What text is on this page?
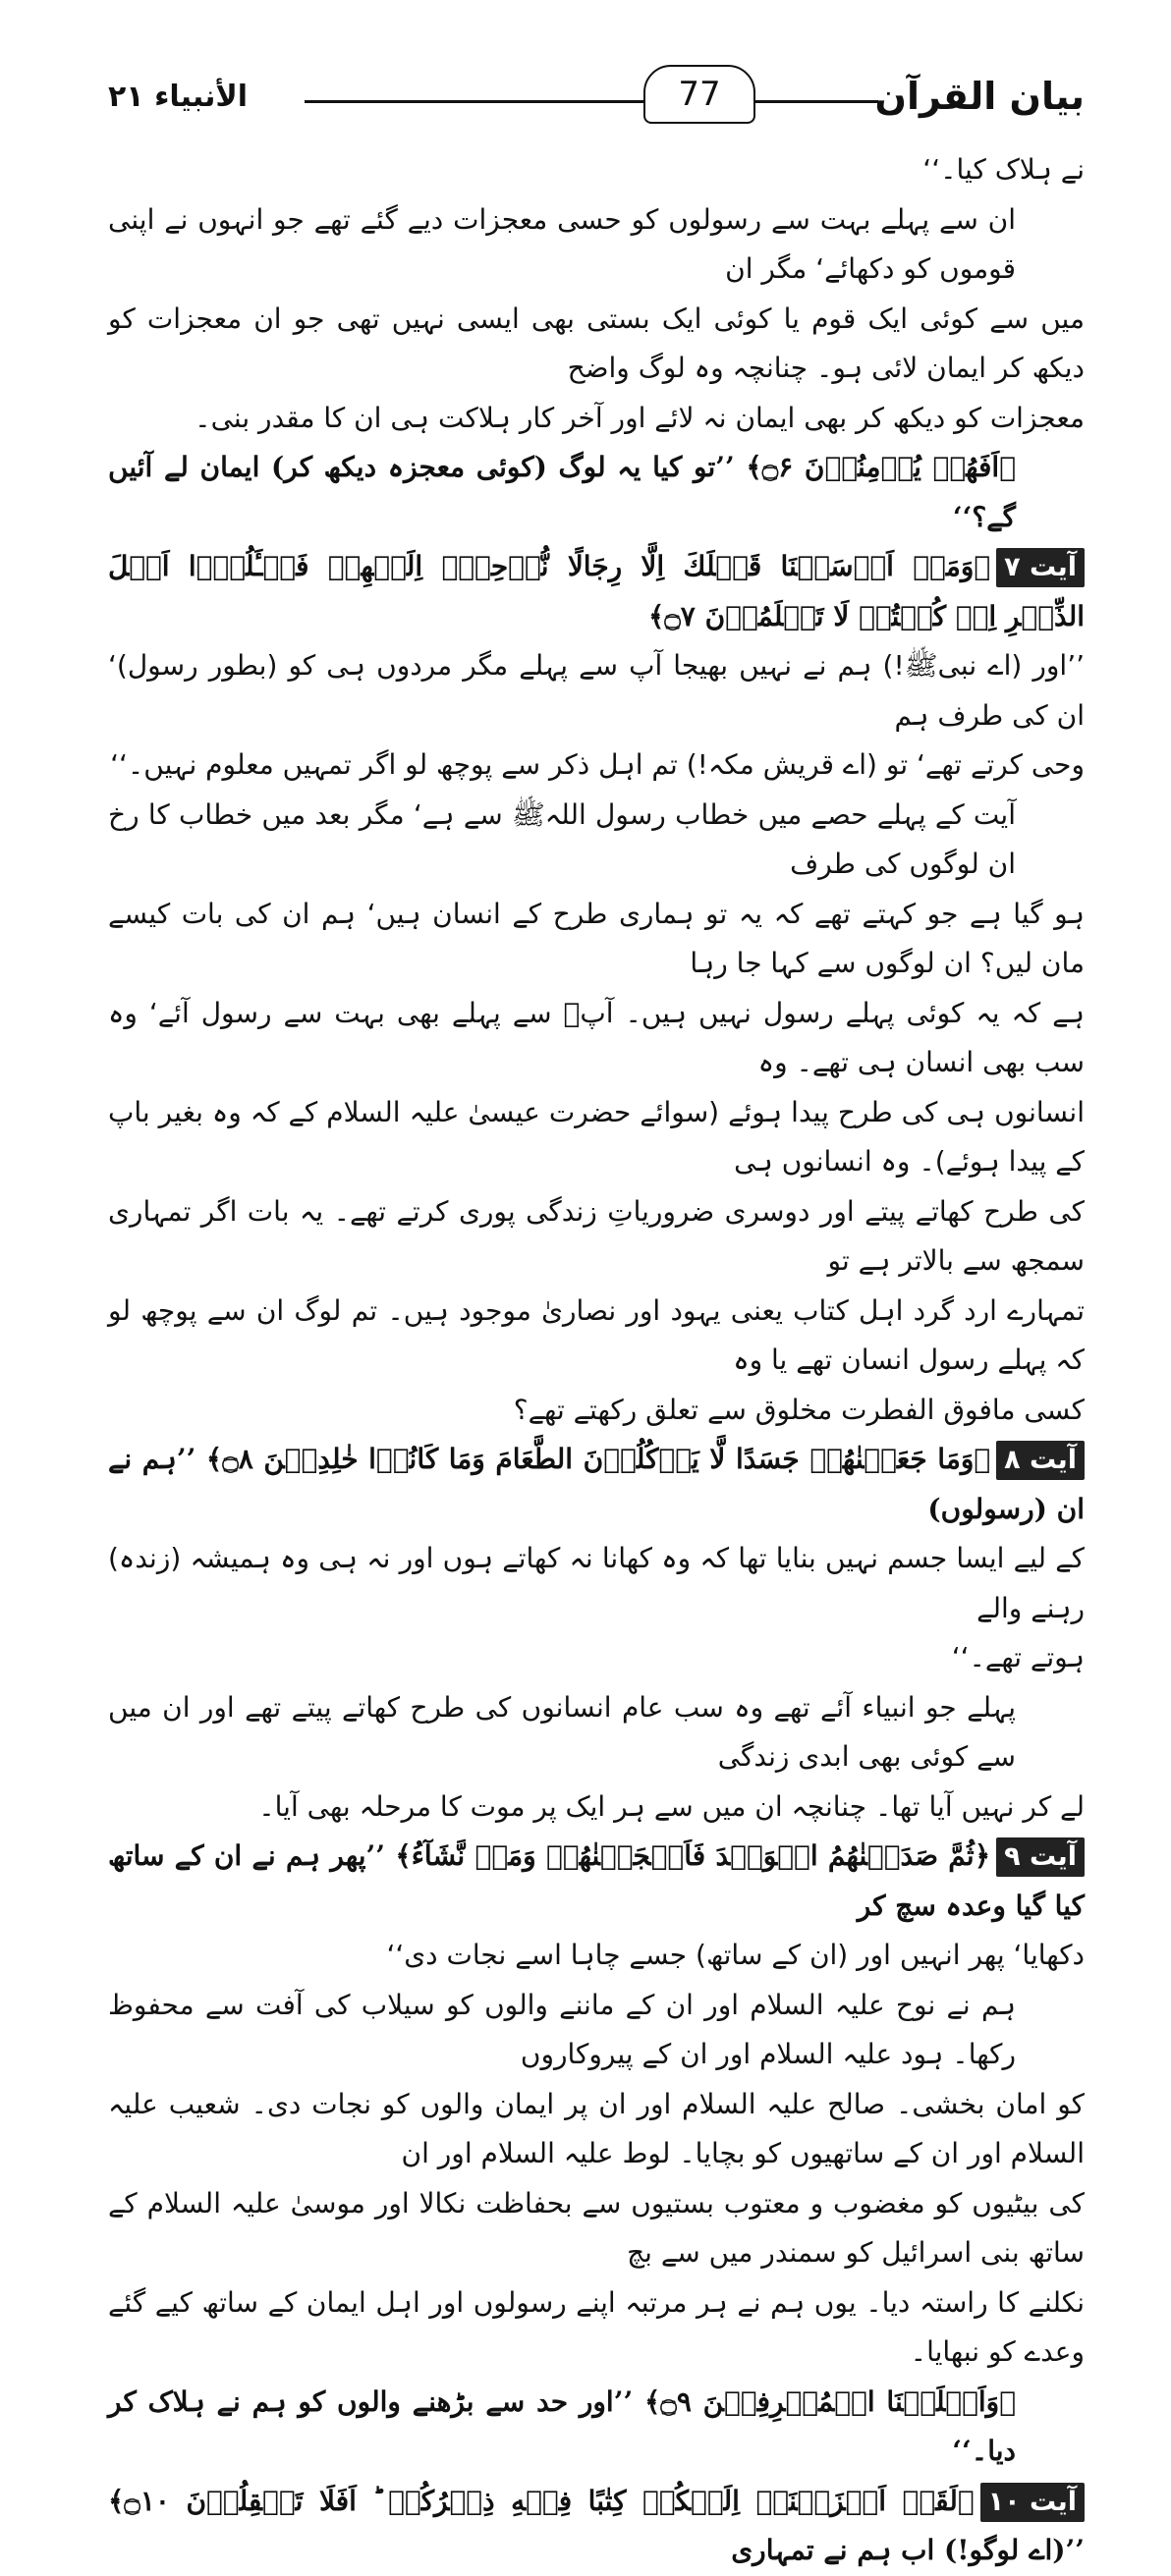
الأنبیاء ۲۱	77	بیان القرآن
نے ہلاک کیا۔‘‘
ان سے پہلے بہت سے رسولوں کو حسی معجزات دیے گئے تھے جو انہوں نے اپنی قوموں کو دکھائے‘ مگر ان
میں سے کوئی ایک قوم یا کوئی ایک بستی بھی ایسی نہیں تھی جو ان معجزات کو دیکھ کر ایمان لائی ہو۔ چنانچہ وہ لوگ واضح
معجزات کو دیکھ کر بھی ایمان نہ لائے اور آخر کار ہلاکت ہی ان کا مقدر بنی۔
﴿اَفَهُمۡ يُؤۡمِنُوۡنَ ۝۶﴾ ’’تو کیا یہ لوگ (کوئی معجزہ دیکھ کر) ایمان لے آئیں گے؟‘‘
آیت ۷﴿وَمَاۤ اَرۡسَلۡنَا قَبۡلَكَ اِلَّا رِجَالًا نُّوۡحِىۡۤ اِلَيۡهِمۡ فَسۡـَٔلُوۡۤا اَهۡلَ الذِّكۡرِ اِنۡ كُنۡتُمۡ لَا تَعۡلَمُوۡنَ ۝۷﴾
’’اور (اے نبیﷺ!) ہم نے نہیں بھیجا آپ سے پہلے مگر مردوں ہی کو (بطور رسول)‘ ان کی طرف ہم
وحی کرتے تھے‘ تو (اے قریش مکہ!) تم اہل ذکر سے پوچھ لو اگر تمہیں معلوم نہیں۔‘‘
آیت کے پہلے حصے میں خطاب رسول اللہﷺ سے ہے‘ مگر بعد میں خطاب کا رخ ان لوگوں کی طرف
ہو گیا ہے جو کہتے تھے کہ یہ تو ہماری طرح کے انسان ہیں‘ ہم ان کی بات کیسے مان لیں؟ ان لوگوں سے کہا جا رہا
ہے کہ یہ کوئی پہلے رسول نہیں ہیں۔ آپؐ سے پہلے بھی بہت سے رسول آئے‘ وہ سب بھی انسان ہی تھے۔ وہ
انسانوں ہی کی طرح پیدا ہوئے (سوائے حضرت عیسیٰ علیہ السلام کے کہ وہ بغیر باپ کے پیدا ہوئے)۔ وہ انسانوں ہی
کی طرح کھاتے پیتے اور دوسری ضروریاتِ زندگی پوری کرتے تھے۔ یہ بات اگر تمہاری سمجھ سے بالاتر ہے تو
تمہارے ارد گرد اہل کتاب یعنی یہود اور نصاریٰ موجود ہیں۔ تم لوگ ان سے پوچھ لو کہ پہلے رسول انسان تھے یا وہ
کسی مافوق الفطرت مخلوق سے تعلق رکھتے تھے؟
آیت ۸﴿وَمَا جَعَلۡنٰهُمۡ جَسَدًا لَّا يَاۡكُلُوۡنَ الطَّعَامَ وَمَا كَانُوۡا خٰلِدِيۡنَ ۝۸﴾ ’’ہم نے ان (رسولوں)
کے لیے ایسا جسم نہیں بنایا تھا کہ وہ کھانا نہ کھاتے ہوں اور نہ ہی وہ ہمیشہ (زندہ) رہنے والے
ہوتے تھے۔‘‘
پہلے جو انبیاء آئے تھے وہ سب عام انسانوں کی طرح کھاتے پیتے تھے اور ان میں سے کوئی بھی ابدی زندگی
لے کر نہیں آیا تھا۔ چنانچہ ان میں سے ہر ایک پر موت کا مرحلہ بھی آیا۔
آیت ۹﴿ثُمَّ صَدَقۡنٰهُمُ الۡوَعۡدَ فَاَنۡجَيۡنٰهُمۡ وَمَنۡ نَّشَآءُ﴾ ’’پھر ہم نے ان کے ساتھ کیا گیا وعدہ سچ کر
دکھایا‘ پھر انہیں اور (ان کے ساتھ) جسے چاہا اسے نجات دی‘‘
ہم نے نوح علیہ السلام اور ان کے ماننے والوں کو سیلاب کی آفت سے محفوظ رکھا۔ ہود علیہ السلام اور ان کے پیروکاروں
کو امان بخشی۔ صالح علیہ السلام اور ان پر ایمان والوں کو نجات دی۔ شعیب علیہ السلام اور ان کے ساتھیوں کو بچایا۔ لوط علیہ السلام اور ان
کی بیٹیوں کو مغضوب و معتوب بستیوں سے بحفاظت نکالا اور موسیٰ علیہ السلام کے ساتھ بنی اسرائیل کو سمندر میں سے بچ
نکلنے کا راستہ دیا۔ یوں ہم نے ہر مرتبہ اپنے رسولوں اور اہل ایمان کے ساتھ کیے گئے وعدے کو نبھایا۔
﴿وَاَهۡلَكۡنَا الۡمُسۡرِفِيۡنَ ۝۹﴾ ’’اور حد سے بڑھنے والوں کو ہم نے ہلاک کر دیا۔‘‘
آیت ۱۰﴿لَقَدۡ اَنۡزَلۡنَاۤ اِلَيۡكُمۡ كِتٰبًا فِيۡهِ ذِكۡرُكُمۡ ؕ اَفَلَا تَعۡقِلُوۡنَ ۝۱۰﴾ ’’(اے لوگو!) اب ہم نے تمہاری
